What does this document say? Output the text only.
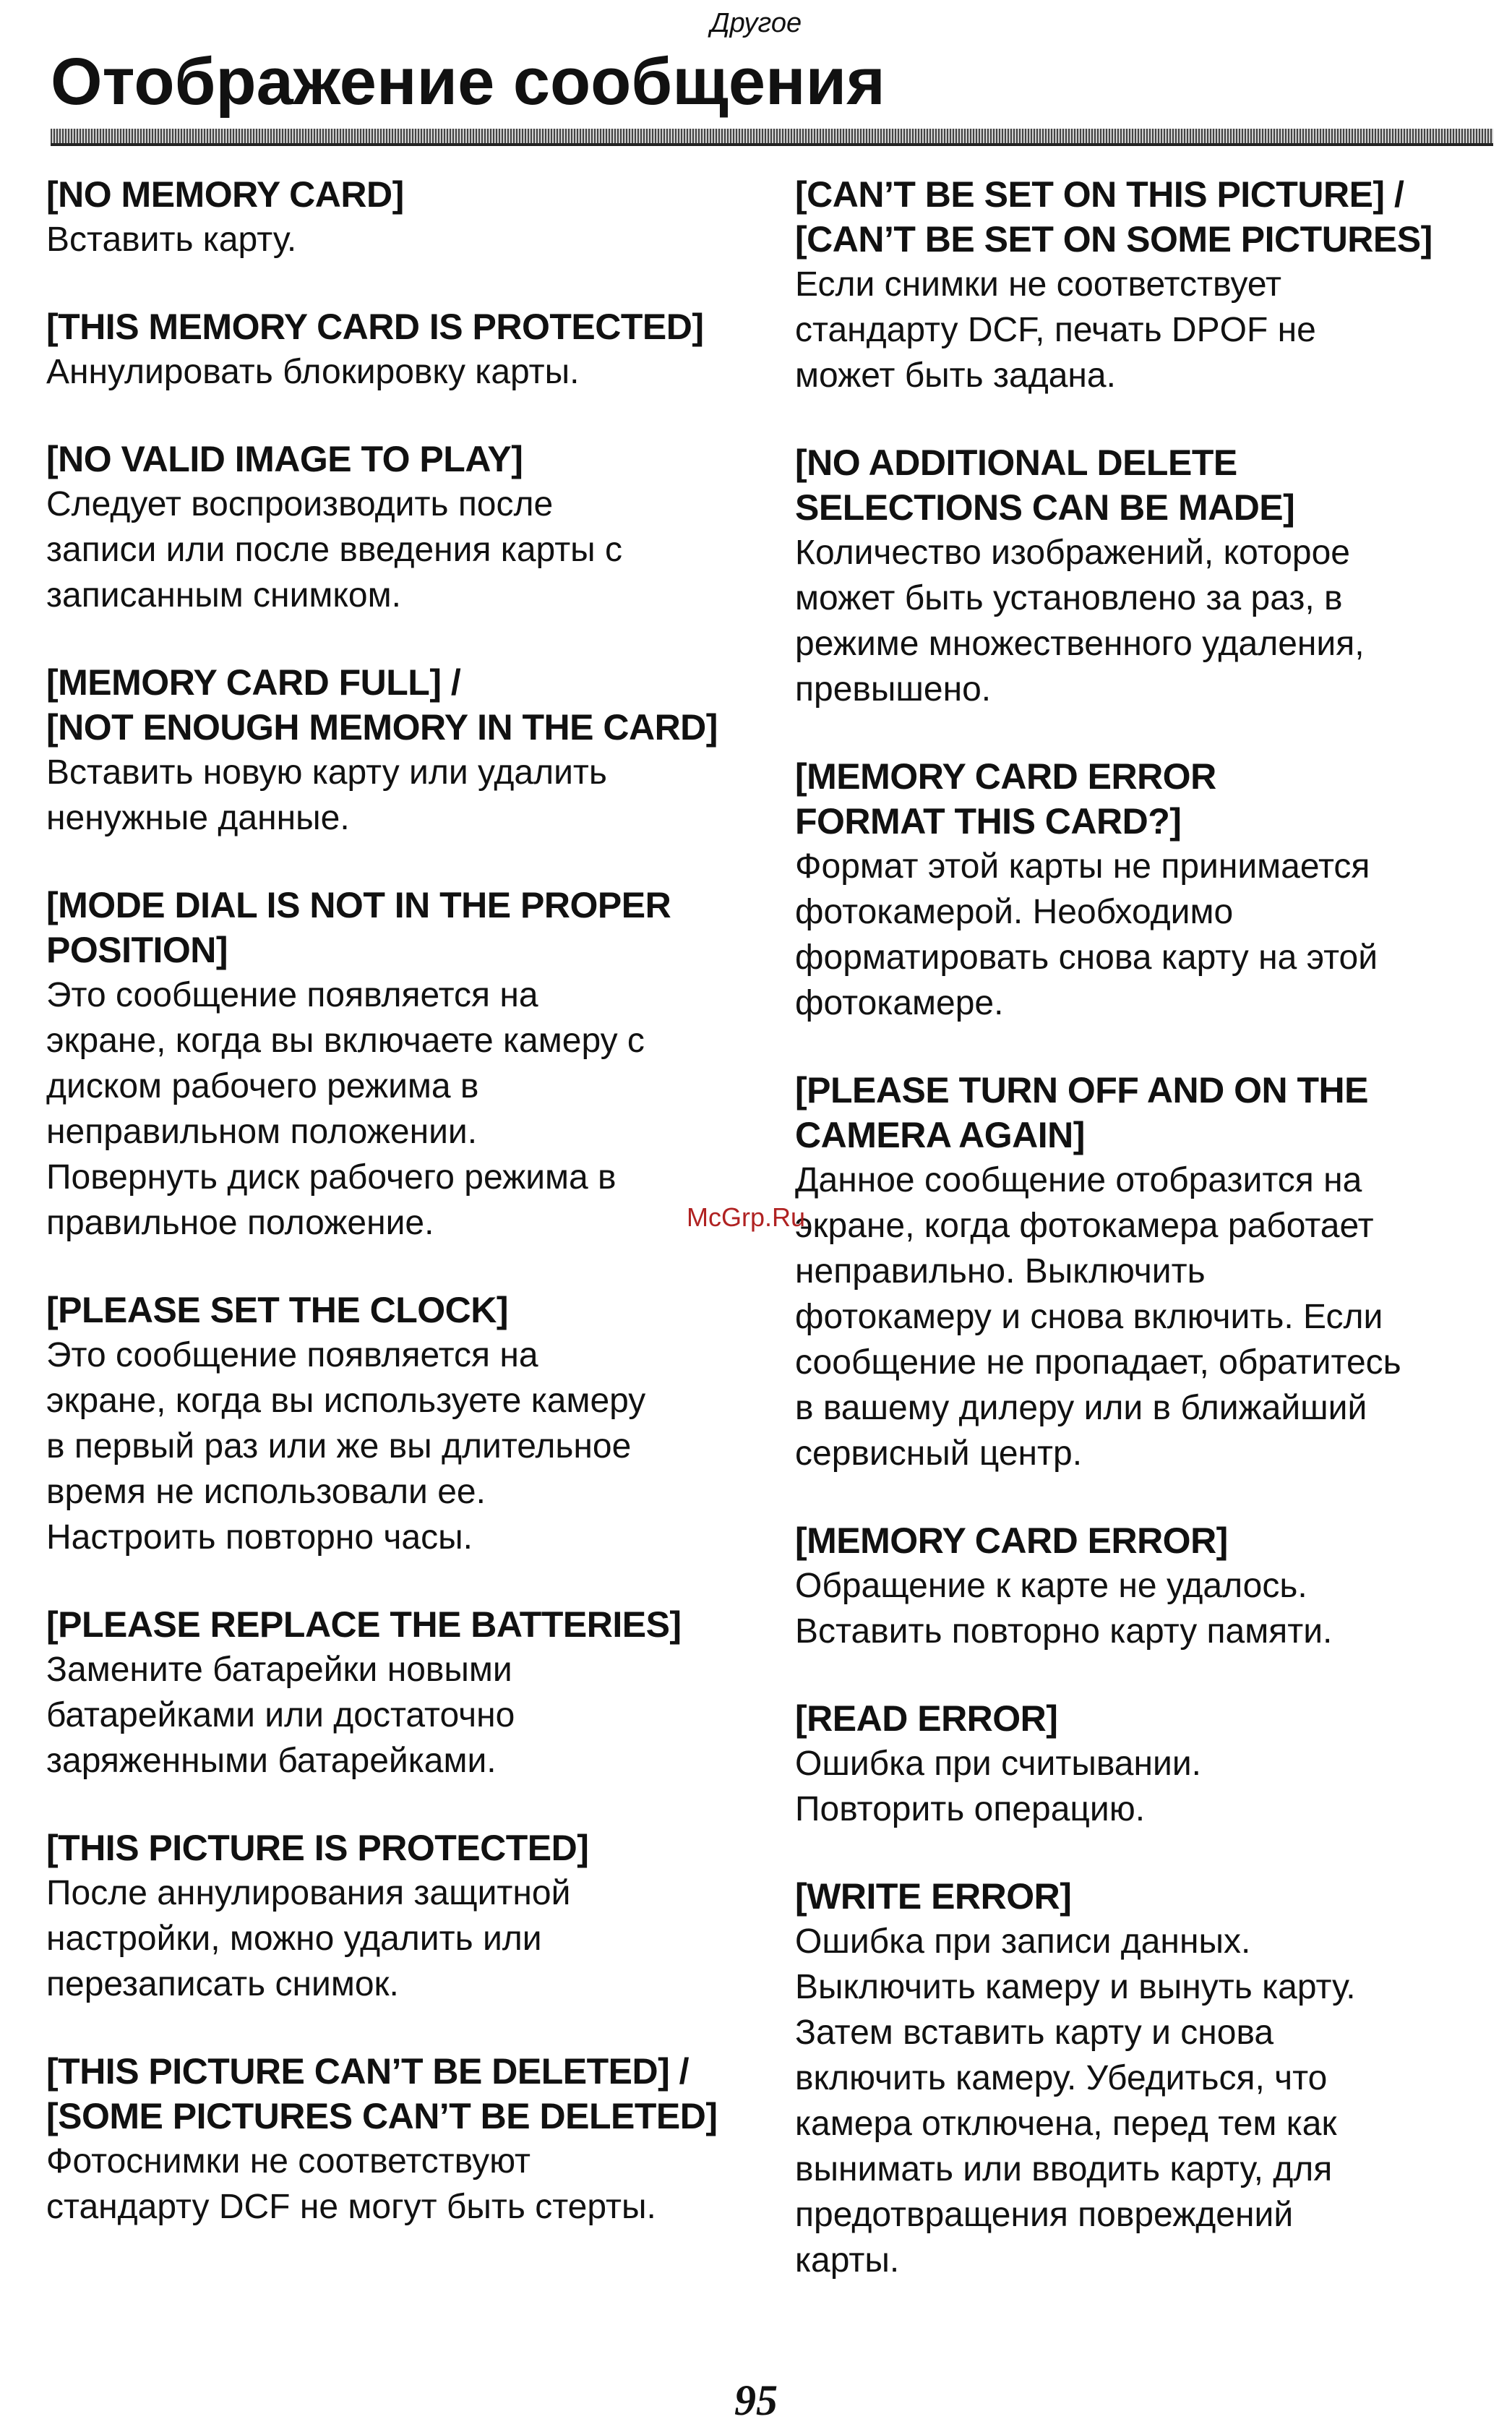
Другое
Отображение сообщения
[NO MEMORY CARD]
Вставить карту.
[THIS MEMORY CARD IS PROTECTED]
Аннулировать блокировку карты.
[NO VALID IMAGE TO PLAY]
Следует воспроизводить после
записи или после введения карты с
записанным снимком.
[MEMORY CARD FULL] /
[NOT ENOUGH MEMORY IN THE CARD]
Вставить новую карту или удалить
ненужные данные.
[MODE DIAL IS NOT IN THE PROPER
POSITION]
Это сообщение появляется на
экране, когда вы включаете камеру с
диском рабочего режима в
неправильном положении.
Повернуть диск рабочего режима в
правильное положение.
[PLEASE SET THE CLOCK]
Это сообщение появляется на
экране, когда вы используете камеру
в первый раз или же вы длительное
время не использовали ее.
Настроить повторно часы.
[PLEASE REPLACE THE BATTERIES]
Замените батарейки новыми
батарейками или достаточно
заряженными батарейками.
[THIS PICTURE IS PROTECTED]
После аннулирования защитной
настройки, можно удалить или
перезаписать снимок.
[THIS PICTURE CAN’T BE DELETED] /
[SOME PICTURES CAN’T BE DELETED]
Фотоснимки не соответствуют
стандарту DCF не могут быть стерты.
[CAN’T BE SET ON THIS PICTURE] /
[CAN’T BE SET ON SOME PICTURES]
Если снимки не соответствует
стандарту DCF, печать DPOF не
может быть задана.
[NO ADDITIONAL DELETE
SELECTIONS CAN BE MADE]
Количество изображений, которое
может быть установлено за раз, в
режиме множественного удаления,
превышено.
[MEMORY CARD ERROR
FORMAT THIS CARD?]
Формат этой карты не принимается
фотокамерой. Необходимо
форматировать снова карту на этой
фотокамере.
[PLEASE TURN OFF AND ON THE
CAMERA AGAIN]
Данное сообщение отобразится на
экране, когда фотокамера работает
неправильно. Выключить
фотокамеру и снова включить. Если
сообщение не пропадает, обратитесь
в вашему дилеру или в ближайший
сервисный центр.
[MEMORY CARD ERROR]
Обращение к карте не удалось.
Вставить повторно карту памяти.
[READ ERROR]
Ошибка при считывании.
Повторить операцию.
[WRITE ERROR]
Ошибка при записи данных.
Выключить камеру и вынуть карту.
Затем вставить карту и снова
включить камеру. Убедиться, что
камера отключена, перед тем как
вынимать или вводить карту, для
предотвращения повреждений
карты.
McGrp.Ru
95
